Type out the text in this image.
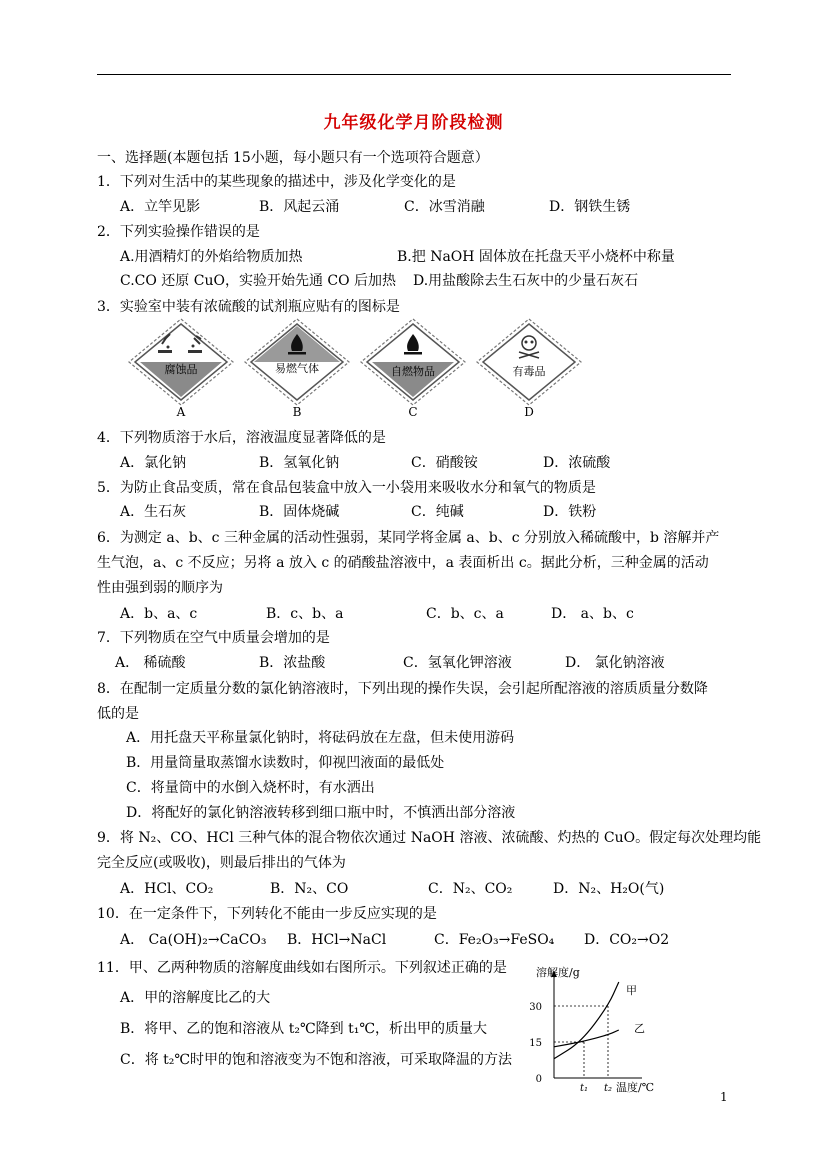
九年级化学月阶段检测
一、选择题(本题包括 15小题，每小题只有一个选项符合题意）
1．下列对生活中的某些现象的描述中，涉及化学变化的是
A．立竿见影	B．风起云涌	C．冰雪消融	D．钢铁生锈
2．下列实验操作错误的是
A.用酒精灯的外焰给物质加热	B.把 NaOH 固体放在托盘天平小烧杯中称量
C.CO 还原 CuO，实验开始先通 CO 后加热 D.用盐酸除去生石灰中的少量石灰石
3．实验室中装有浓硫酸的试剂瓶应贴有的图标是
腐蚀品
A
易燃气体
B
自燃物品
C
有毒品
D
4．下列物质溶于水后，溶液温度显著降低的是
A．氯化钠	B．氢氧化钠	C．硝酸铵	D．浓硫酸
5．为防止食品变质，常在食品包装盒中放入一小袋用来吸收水分和氧气的物质是
A．生石灰	B．固体烧碱	C．纯碱	D．铁粉
6．为测定 a、b、c 三种金属的活动性强弱，某同学将金属 a、b、c 分别放入稀硫酸中，b 溶解并产
生气泡，a、c 不反应；另将 a 放入 c 的硝酸盐溶液中，a 表面析出 c。据此分析，三种金属的活动
性由强到弱的顺序为
A．b、a、c	B．c、b、a	C．b、c、a	D． a、b、c
7．下列物质在空气中质量会增加的是
A． 稀硫酸	B．浓盐酸	C．氢氧化钾溶液	D． 氯化钠溶液
8．在配制一定质量分数的氯化钠溶液时，下列出现的操作失误，会引起所配溶液的溶质质量分数降
低的是
A．用托盘天平称量氯化钠时，将砝码放在左盘，但未使用游码
B．用量筒量取蒸馏水读数时，仰视凹液面的最低处
C．将量筒中的水倒入烧杯时，有水洒出
D．将配好的氯化钠溶液转移到细口瓶中时，不慎洒出部分溶液
9．将 N₂、CO、HCl 三种气体的混合物依次通过 NaOH 溶液、浓硫酸、灼热的 CuO。假定每次处理均能
完全反应(或吸收)，则最后排出的气体为
A．HCl、CO₂	B．N₂、CO	C．N₂、CO₂	D．N₂、H₂O(气)
10．在一定条件下，下列转化不能由一步反应实现的是
A． Ca(OH)₂→CaCO₃ B．HCl→NaCl	C．Fe₂O₃→FeSO₄ D．CO₂→O2
11．甲、乙两种物质的溶解度曲线如右图所示。下列叙述正确的是
A．甲的溶解度比乙的大
B．将甲、乙的饱和溶液从 t₂℃降到 t₁℃，析出甲的质量大
C．将 t₂℃时甲的饱和溶液变为不饱和溶液，可采取降温的方法
溶解度/g
30
15
0
t₁ t₂ 温度/℃
甲
乙
1
